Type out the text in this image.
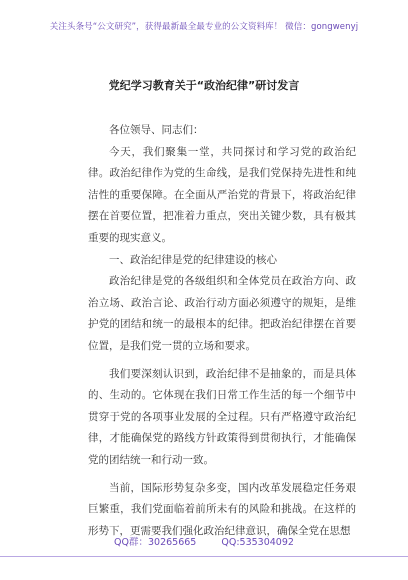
关注头条号“公文研究”，获得最新最全最专业的公文资料库！ 微信：gongwenyj
党纪学习教育关于“政治纪律”研讨发言

各位领导、同志们：

今天，我们聚集一堂，共同探讨和学习党的政治纪律。政治纪律作为党的生命线，是我们党保持先进性和纯洁性的重要保障。在全面从严治党的背景下，将政治纪律摆在首要位置，把准着力重点，突出关键少数，具有极其重要的现实意义。

一、政治纪律是党的纪律建设的核心

政治纪律是党的各级组织和全体党员在政治方向、政治立场、政治言论、政治行动方面必须遵守的规矩，是维护党的团结和统一的最根本的纪律。把政治纪律摆在首要位置，是我们党一贯的立场和要求。

我们要深刻认识到，政治纪律不是抽象的，而是具体的、生动的。它体现在我们日常工作生活的每一个细节中贯穿于党的各项事业发展的全过程。只有严格遵守政治纪律，才能确保党的路线方针政策得到贯彻执行，才能确保党的团结统一和行动一致。

当前，国际形势复杂多变，国内改革发展稳定任务艰巨繁重，我们党面临着前所未有的风险和挑战。在这样的形势下，更需要我们强化政治纪律意识，确保全党在思想

QQ群：30265665	QQ:535304092
